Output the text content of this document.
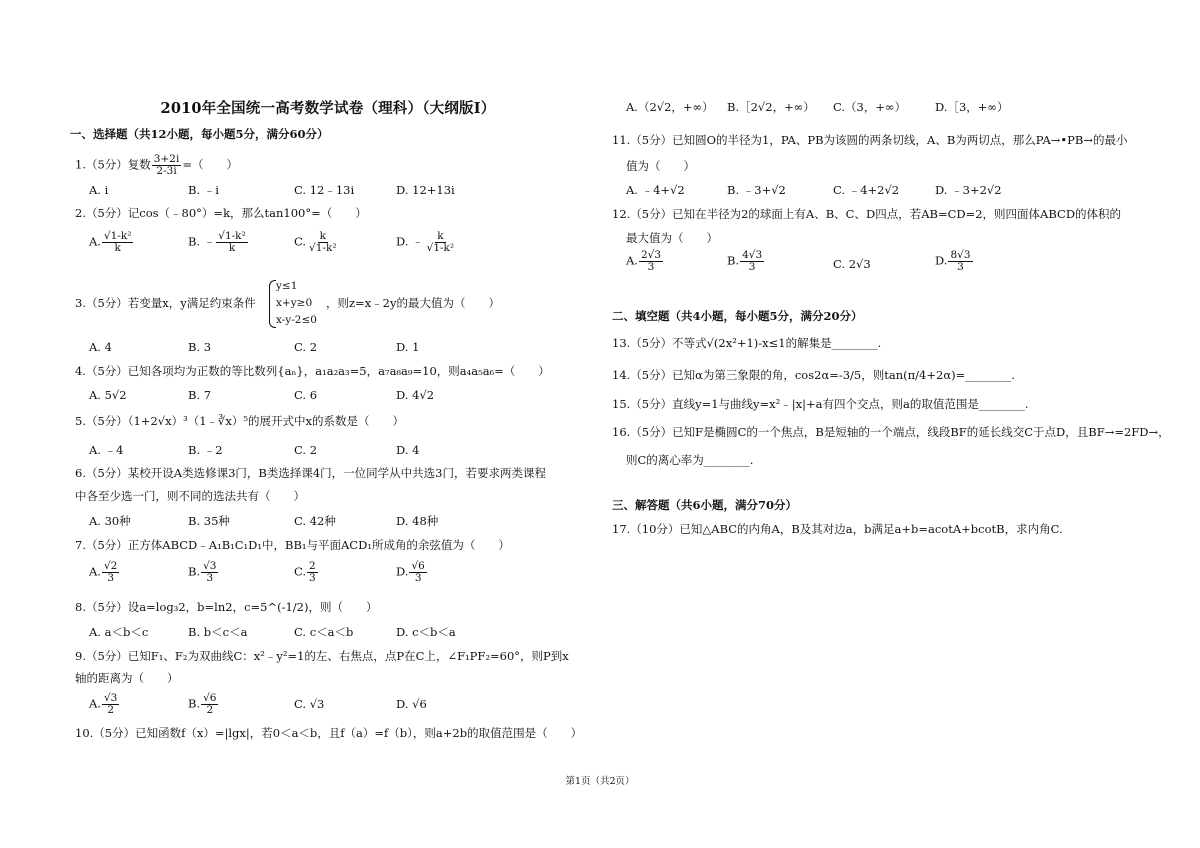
2010年全国统一高考数学试卷（理科）（大纲版Ⅰ）
一、选择题（共12小题，每小题5分，满分60分）
1.（5分）复数 $\frac{3+2i}{2-3i}$ =（　　）
A. i	B. ﹣i	C. 12﹣13i	D. 12+13i
2.（5分）记cos（﹣80°）=k，那么tan100°=（　　）
A. $\frac{\text{√1-k²}}{k}$	B. ﹣ $\frac{\text{√1-k²}}{k}$	C. $\frac{k}{\text{√1-k²}}$	D. ﹣ $\frac{k}{\text{√1-k²}}$
3.（5分）若变量x，y满足约束条件
y≤1
x+y≥0
x-y-2≤0
，则z=x﹣2y的最大值为（　　）
A. 4	B. 3	C. 2	D. 1
4.（5分）已知各项均为正数的等比数列{aₙ}，a₁a₂a₃=5，a₇a₈a₉=10，则a₄a₅a₆=（　　）
A. 5√2	B. 7	C. 6	D. 4√2
5.（5分）（1+2√x）³（1﹣∛x）⁵的展开式中x的系数是（　　）
A. ﹣4	B. ﹣2	C. 2	D. 4
6.（5分）某校开设A类选修课3门，B类选择课4门，一位同学从中共选3门，若要求两类课程
中各至少选一门，则不同的选法共有（　　）
A. 30种	B. 35种	C. 42种	D. 48种
7.（5分）正方体ABCD﹣A₁B₁C₁D₁中，BB₁与平面ACD₁所成角的余弦值为（　　）
A. $\frac{√2}{3}$	B. $\frac{√3}{3}$	C. $\frac{2}{3}$	D. $\frac{√6}{3}$
8.（5分）设a=log₃2，b=ln2，c=5^(-1/2)，则（　　）
A. a＜b＜c	B. b＜c＜a	C. c＜a＜b	D. c＜b＜a
9.（5分）已知F₁、F₂为双曲线C：x²﹣y²=1的左、右焦点，点P在C上，∠F₁PF₂=60°，则P到x
轴的距离为（　　）
A. $\frac{√3}{2}$	B. $\frac{√6}{2}$	C. √3	D. √6
10.（5分）已知函数f（x）=|lgx|，若0＜a＜b，且f（a）=f（b），则a+2b的取值范围是（　　）
A.（2√2，+∞） B.［2√2，+∞） C.（3，+∞）	D.［3，+∞）
11.（5分）已知圆O的半径为1，PA、PB为该圆的两条切线，A、B为两切点，那么PA→•PB→的最小
值为（　　）
A. ﹣4+√2	B. ﹣3+√2	C. ﹣4+2√2	D. ﹣3+2√2
12.（5分）已知在半径为2的球面上有A、B、C、D四点，若AB=CD=2，则四面体ABCD的体积的
最大值为（　　）
A. $\frac{2√3}{3}$	B. $\frac{4√3}{3}$	C. 2√3	D. $\frac{8√3}{3}$
二、填空题（共4小题，每小题5分，满分20分）
13.（5分）不等式√(2x²+1)-x≤1的解集是________.
14.（5分）已知α为第三象限的角，cos2α=-3/5，则tan(π/4+2α)=________.
15.（5分）直线y=1与曲线y=x²﹣|x|+a有四个交点，则a的取值范围是________.
16.（5分）已知F是椭圆C的一个焦点，B是短轴的一个端点，线段BF的延长线交C于点D，且BF→=2FD→，
则C的离心率为________.
三、解答题（共6小题，满分70分）
17.（10分）已知△ABC的内角A，B及其对边a，b满足a+b=acotA+bcotB，求内角C.
第1页（共2页）
